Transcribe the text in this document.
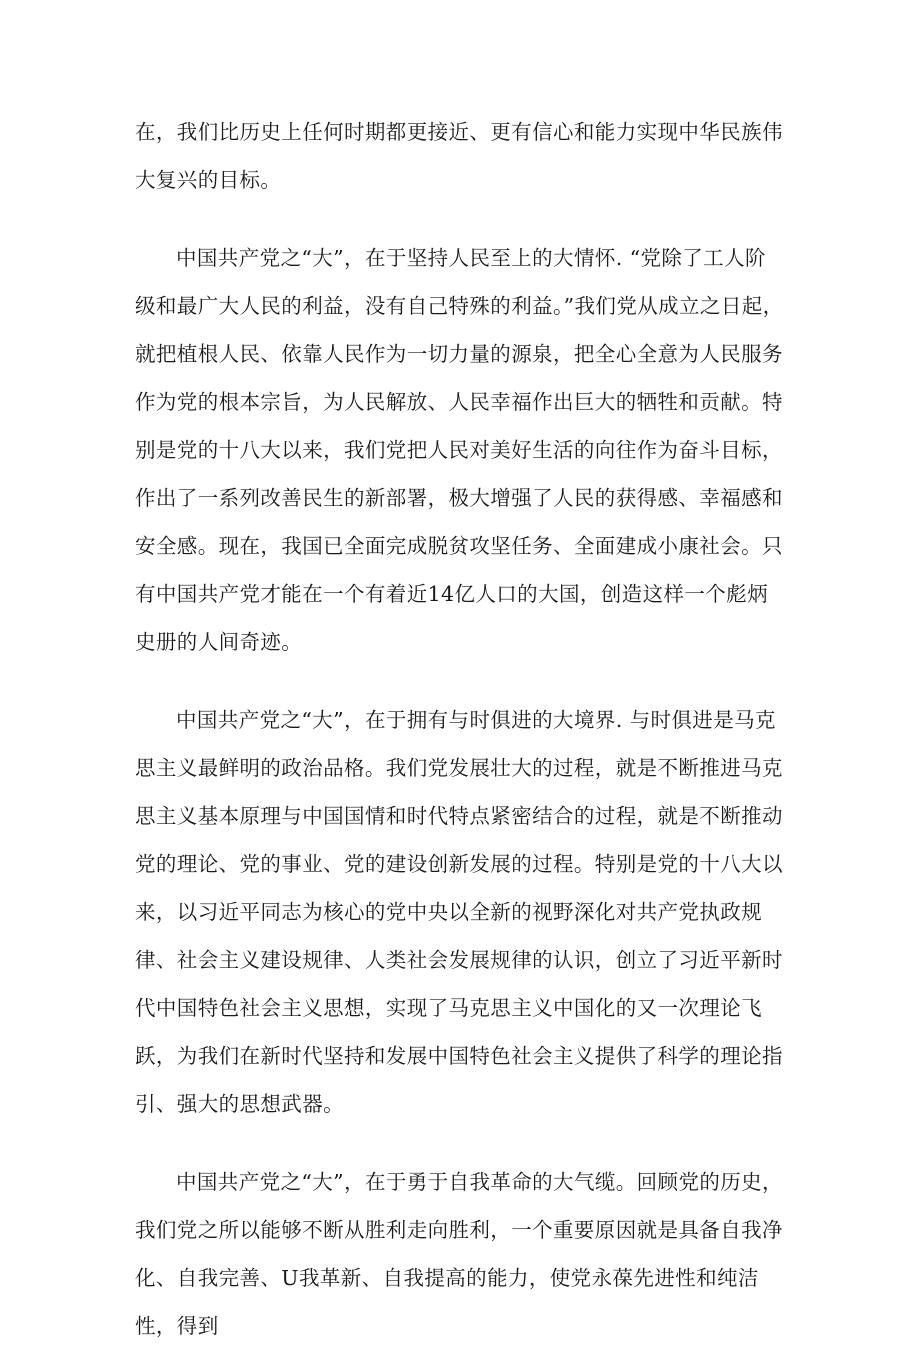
在，我们比历史上任何时期都更接近、更有信心和能力实现中华民族伟大复兴的目标。

中国共产党之“大”，在于坚持人民至上的大情怀. “党除了工人阶级和最广大人民的利益，没有自己特殊的利益。”我们党从成立之日起，就把植根人民、依靠人民作为一切力量的源泉，把全心全意为人民服务作为党的根本宗旨，为人民解放、人民幸福作出巨大的牺牲和贡献。特别是党的十八大以来，我们党把人民对美好生活的向往作为奋斗目标，作出了一系列改善民生的新部署，极大增强了人民的获得感、幸福感和安全感。现在，我国已全面完成脱贫攻坚任务、全面建成小康社会。只有中国共产党才能在一个有着近14亿人口的大国，创造这样一个彪炳史册的人间奇迹。

中国共产党之“大”，在于拥有与时俱进的大境界. 与时俱进是马克思主义最鲜明的政治品格。我们党发展壮大的过程，就是不断推进马克思主义基本原理与中国国情和时代特点紧密结合的过程，就是不断推动党的理论、党的事业、党的建设创新发展的过程。特别是党的十八大以来，以习近平同志为核心的党中央以全新的视野深化对共产党执政规律、社会主义建设规律、人类社会发展规律的认识，创立了习近平新时代中国特色社会主义思想，实现了马克思主义中国化的又一次理论飞跃，为我们在新时代坚持和发展中国特色社会主义提供了科学的理论指引、强大的思想武器。

中国共产党之“大”，在于勇于自我革命的大气缆。回顾党的历史，我们党之所以能够不断从胜利走向胜利，一个重要原因就是具备自我净化、自我完善、U我革新、自我提高的能力，使党永葆先进性和纯洁性，得到
